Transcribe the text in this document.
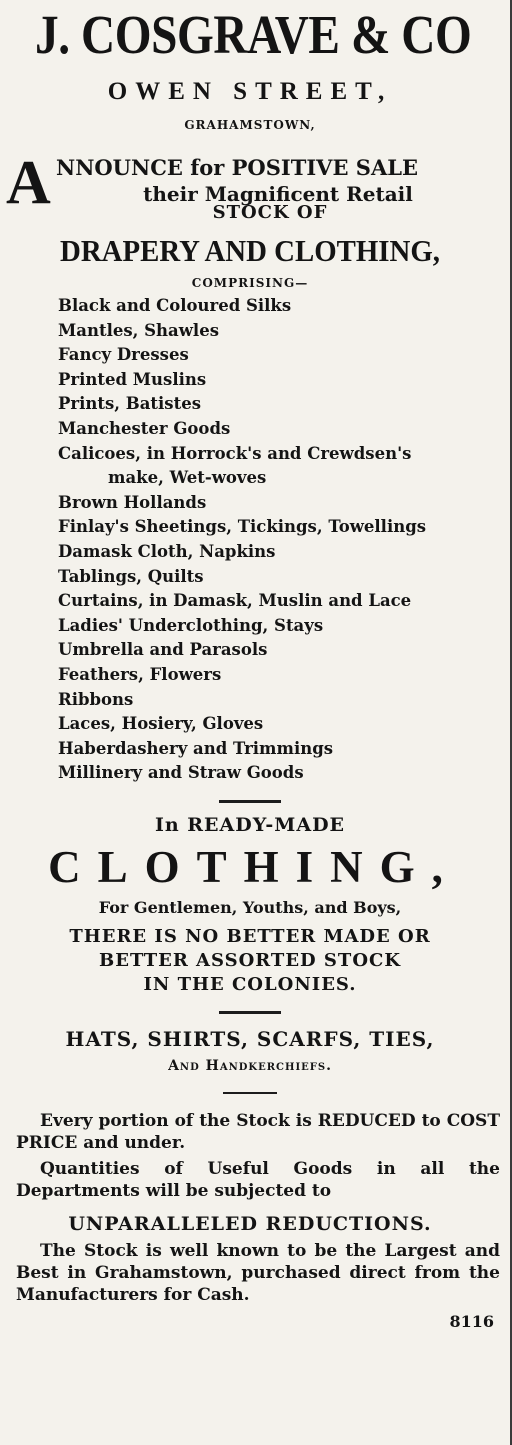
J. COSGRAVE & CO

OWEN STREET,

GRAHAMSTOWN,

A NNOUNCE for POSITIVE SALE
their Magnificent Retail

STOCK OF

DRAPERY AND CLOTHING,

COMPRISING—

Black and Coloured Silks
Mantles, Shawles
Fancy Dresses
Printed Muslins
Prints, Batistes
Manchester Goods
Calicoes, in Horrock's and Crewdsen's
make, Wet-woves
Brown Hollands
Finlay's Sheetings, Tickings, Towellings
Damask Cloth, Napkins
Tablings, Quilts
Curtains, in Damask, Muslin and Lace
Ladies' Underclothing, Stays
Umbrella and Parasols
Feathers, Flowers
Ribbons
Laces, Hosiery, Gloves
Haberdashery and Trimmings
Millinery and Straw Goods

In READY-MADE

CLOTHING,

For Gentlemen, Youths, and Boys,

THERE IS NO BETTER MADE OR

BETTER ASSORTED STOCK

IN THE COLONIES.

HATS, SHIRTS, SCARFS, TIES,

And Handkerchiefs.

Every portion of the Stock is REDUCED to COST PRICE and under.

Quantities of Useful Goods in all the Departments will be subjected to

UNPARALLELED REDUCTIONS.

The Stock is well known to be the Largest and Best in Grahamstown, purchased direct from the Manufacturers for Cash.

8116
